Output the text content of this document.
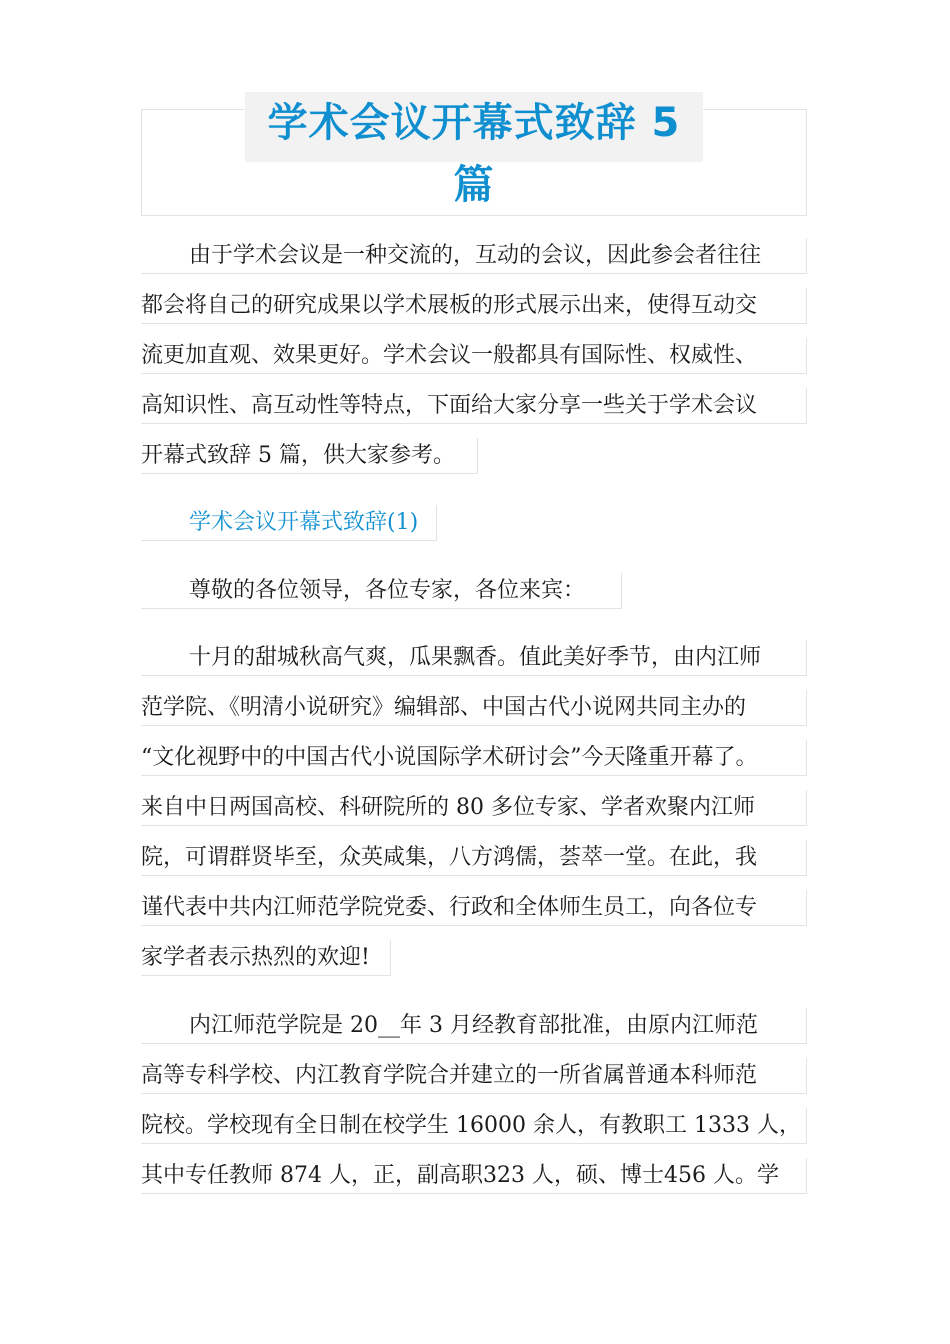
学术会议开幕式致辞 5 篇
由于学术会议是一种交流的，互动的会议，因此参会者往往
都会将自己的研究成果以学术展板的形式展示出来，使得互动交
流更加直观、效果更好。学术会议一般都具有国际性、权威性、
高知识性、高互动性等特点，下面给大家分享一些关于学术会议
开幕式致辞 5 篇，供大家参考。
学术会议开幕式致辞(1)
尊敬的各位领导，各位专家，各位来宾：
十月的甜城秋高气爽，瓜果飘香。值此美好季节，由内江师
范学院、《明清小说研究》编辑部、中国古代小说网共同主办的
“文化视野中的中国古代小说国际学术研讨会”今天隆重开幕了。
来自中日两国高校、科研院所的 80 多位专家、学者欢聚内江师
院，可谓群贤毕至，众英咸集，八方鸿儒，荟萃一堂。在此，我
谨代表中共内江师范学院党委、行政和全体师生员工，向各位专
家学者表示热烈的欢迎!
内江师范学院是 20__年 3 月经教育部批准，由原内江师范
高等专科学校、内江教育学院合并建立的一所省属普通本科师范
院校。学校现有全日制在校学生 16000 余人，有教职工 1333 人，
其中专任教师 874 人，正，副高职323 人，硕、博士456 人。学
